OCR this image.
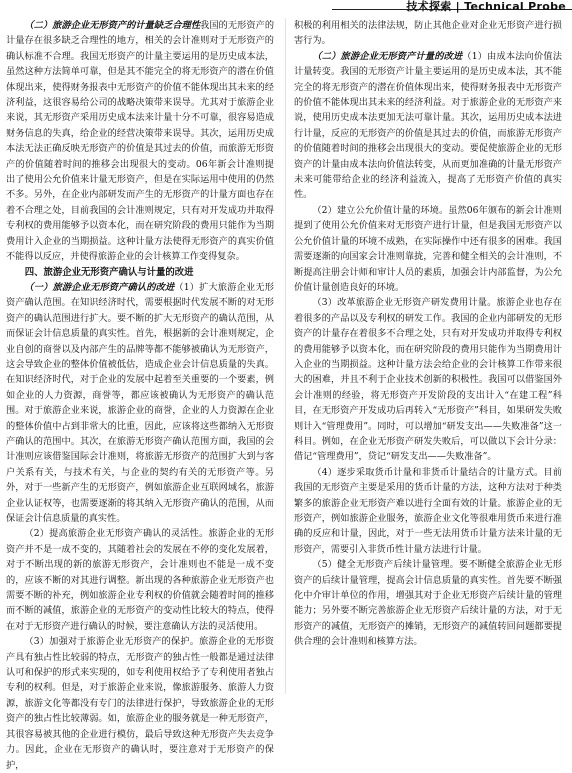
技术探索 | Technical Probe

（二）旅游企业无形资产的计量缺乏合理性我国的无形资产的计量存在很多缺乏合理性的地方，相关的会计准则对于无形资产的确认标准不合理。我国无形资产的计量主要运用的是历史成本法，虽然这种方法简单可靠，但是其不能完全的将无形资产的潜在价值体现出来，使得财务报表中无形资产的价值不能体现出其未来的经济利益，这很容易给公司的战略决策带来误导。尤其对于旅游企业来说，其无形资产采用历史成本法来计量十分不可靠，很容易造成财务信息的失真，给企业的经营决策带来误导。其次，运用历史成本法无法正确反映无形资产的价值是其过去的价值，而旅游无形资产的价值随着时间的推移会出现很大的变动。06年新会计准则提出了使用公允价值来计量无形资产，但是在实际运用中使用的仍然不多。另外，在企业内部研发而产生的无形资产的计量方面也存在着不合理之处，目前我国的会计准则规定，只有对开发成功并取得专利权的费用能够予以资本化，而在研究阶段的费用只能作为当期费用计入企业的当期损益。这种计量方法使得无形资产的真实价值不能得以反应，并使得旅游企业的会计核算工作变得复杂。

四、旅游企业无形资产确认与计量的改进

（一）旅游企业无形资产确认的改进（1）扩大旅游企业无形资产确认范围。在知识经济时代，需要根据时代发展不断的对无形资产的确认范围进行扩大。要不断的扩大无形资产的确认范围，从而保证会计信息质量的真实性。首先，根据新的会计准则规定，企业自创的商誉以及内部产生的品牌等都不能够被确认为无形资产，这会导致企业的整体价值被低估，造成企业会计信息质量的失真。在知识经济时代，对于企业的发展中起着至关重要的一个要素，例如企业的人力资源，商誉等，都应该被确认为无形资产的确认范围。对于旅游企业来说，旅游企业的商誉，企业的人力资源在企业的整体价值中占到非常大的比重，因此，应该将这些都纳入无形资产确认的范围中。其次，在旅游无形资产确认范围方面，我国的会计准则应该借鉴国际会计准则，将旅游无形资产的范围扩大到与客户关系有关，与技术有关，与企业的契约有关的无形资产等。另外，对于一些新产生的无形资产，例如旅游企业互联网域名，旅游企业认证权等，也需要逐渐的将其纳入无形资产确认的范围，从而保证会计信息质量的真实性。

（2）提高旅游企业无形资产确认的灵活性。旅游企业的无形资产并不是一成不变的，其随着社会的发展在不停的变化发展着，对于不断出现的新的旅游无形资产，会计准则也不能是一成不变的，应该不断的对其进行调整。新出现的各种旅游企业无形资产也需要不断的补充，例如旅游企业专利权的价值就会随着时间的推移而不断的减值，旅游企业的无形资产的变动性比较大的特点，使得在对于无形资产进行确认的时候，要注意确认方法的灵活使用。

（3）加强对于旅游企业无形资产的保护。旅游企业的无形资产具有独占性比较弱的特点，无形资产的独占性一般都是通过法律认可和保护的形式来实现的，如专利使用权给予了专利使用者独占专利的权利。但是，对于旅游企业来说，像旅游服务、旅游人力资源，旅游文化等都没有专门的法律进行保护，导致旅游企业的无形资产的独占性比较薄弱。如，旅游企业的服务就是一种无形资产，其很容易被其他的企业进行模仿，最后导致这种无形资产失去竞争力。因此，企业在无形资产的确认时，要注意对于无形资产的保护，

积极的利用相关的法律法规，防止其他企业对企业无形资产进行损害行为。

（二）旅游企业无形资产计量的改进（1）由成本法向价值法计量转变。我国的无形资产计量主要运用的是历史成本法，其不能完全的将无形资产的潜在价值体现出来，使得财务报表中无形资产的价值不能体现出其未来的经济利益。对于旅游企业的无形资产来说，使用历史成本法更加无法可靠计量。其次，运用历史成本法进行计量，反应的无形资产的价值是其过去的价值，而旅游无形资产的价值随着时间的推移会出现很大的变动。要促使旅游企业的无形资产的计量由成本法向价值法转变，从而更加准确的计量无形资产未来可能带给企业的经济利益流入，提高了无形资产价值的真实性。

（2）建立公允价值计量的环境。虽然06年颁布的新会计准则提到了使用公允价值来对无形资产进行计量，但是我国无形资产以公允价值计量的环境不成熟，在实际操作中还有很多的困难。我国需要逐渐的向国家会计准则靠拢，完善和健全相关的会计准则，不断提高注册会计师和审计人员的素质，加强会计内部监督，为公允价值计量创造良好的环境。

（3）改革旅游企业无形资产研发费用计量。旅游企业也存在着很多的产品以及专利权的研发工作。我国的企业内部研发的无形资产的计量存在着很多不合理之处，只有对开发成功并取得专利权的费用能够予以资本化，而在研究阶段的费用只能作为当期费用计入企业的当期损益。这种计量方法会给企业的会计核算工作带来很大的困难，并且不利于企业技术创新的积极性。我国可以借鉴国外会计准则的经验，将无形资产开发阶段的支出计入“在建工程”科目，在无形资产开发成功后再转入“无形资产”科目，如果研发失败则计入“管理费用”。同时，可以增加“研发支出——失败准备”这一科目。例如，在企业无形资产研发失败后，可以做以下会计分录：借记“管理费用”，贷记“研发支出——失败准备”。

（4）逐步采取货币计量和非货币计量结合的计量方式。目前我国的无形资产主要是采用的货币计量的方法，这种方法对于种类繁多的旅游企业无形资产难以进行全面有效的计量。旅游企业的无形资产，例如旅游企业服务，旅游企业文化等很难用货币来进行准确的反应和计量，因此，对于一些无法用货币计量方法来计量的无形资产，需要引入非货币性计量方法进行计量。

（5）健全无形资产后续计量管理。要不断健全旅游企业无形资产的后续计量管理，提高会计信息质量的真实性。首先要不断强化中介审计单位的作用，增强其对于企业无形资产后续计量的管理能力；另外要不断完善旅游企业无形资产后续计量的方法，对于无形资产的减值，无形资产的摊销，无形资产的减值转回问题都要提供合理的会计准则和核算方法。
